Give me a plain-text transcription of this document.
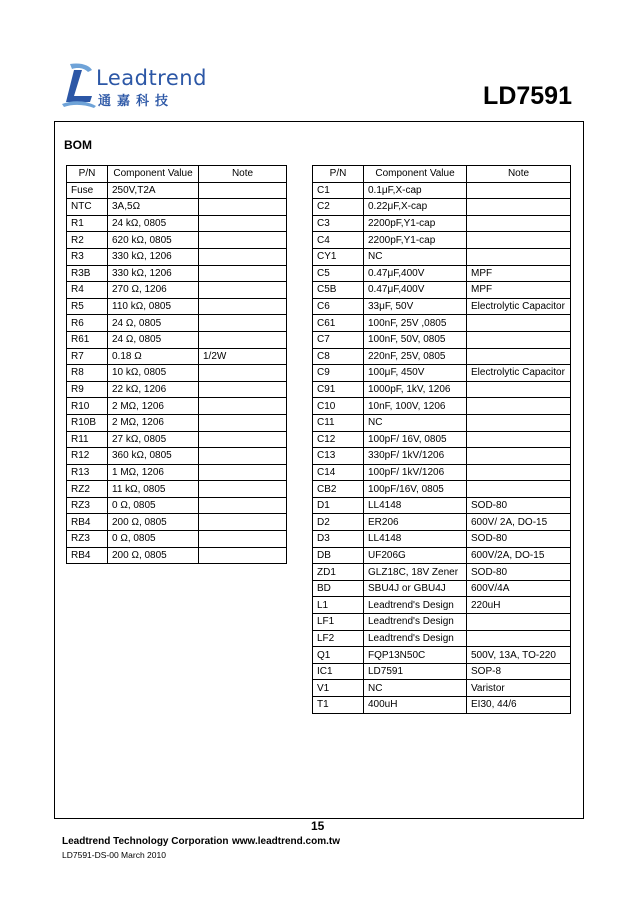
Leadtrend
通嘉科技	LD7591
BOM
P/N	Component Value	Note
Fuse	250V,T2A	
NTC	3A,5Ω	
R1	24 kΩ, 0805	
R2	620 kΩ, 0805	
R3	330 kΩ, 1206	
R3B	330 kΩ, 1206	
R4	270 Ω, 1206	
R5	110 kΩ, 0805	
R6	24 Ω, 0805	
R61	24 Ω, 0805	
R7	0.18 Ω	1/2W
R8	10 kΩ, 0805	
R9	22 kΩ, 1206	
R10	2 MΩ, 1206	
R10B	2 MΩ, 1206	
R11	27 kΩ, 0805	
R12	360 kΩ, 0805	
R13	1 MΩ, 1206	
RZ2	11 kΩ, 0805	
RZ3	0 Ω, 0805	
RB4	200 Ω, 0805	
RZ3	0 Ω, 0805	
RB4	200 Ω, 0805	
P/N	Component Value	Note
C1	0.1μF,X-cap	
C2	0.22μF,X-cap	
C3	2200pF,Y1-cap	
C4	2200pF,Y1-cap	
CY1	NC	
C5	0.47μF,400V	MPF
C5B	0.47μF,400V	MPF
C6	33μF, 50V	Electrolytic Capacitor
C61	100nF, 25V ,0805	
C7	100nF, 50V, 0805	
C8	220nF, 25V, 0805	
C9	100μF, 450V	Electrolytic Capacitor
C91	1000pF, 1kV, 1206	
C10	10nF, 100V, 1206	
C11	NC	
C12	100pF/ 16V, 0805	
C13	330pF/ 1kV/1206	
C14	100pF/ 1kV/1206	
CB2	100pF/16V, 0805	
D1	LL4148	SOD-80
D2	ER206	600V/ 2A, DO-15
D3	LL4148	SOD-80
DB	UF206G	600V/2A, DO-15
ZD1	GLZ18C, 18V Zener	SOD-80
BD	SBU4J or GBU4J	600V/4A
L1	Leadtrend's Design	220uH
LF1	Leadtrend's Design	
LF2	Leadtrend's Design	
Q1	FQP13N50C	500V, 13A, TO-220
IC1	LD7591	SOP-8
V1	NC	Varistor
T1	400uH	EI30, 44/6
15
Leadtrend Technology Corporation www.leadtrend.com.tw
LD7591-DS-00 March 2010
